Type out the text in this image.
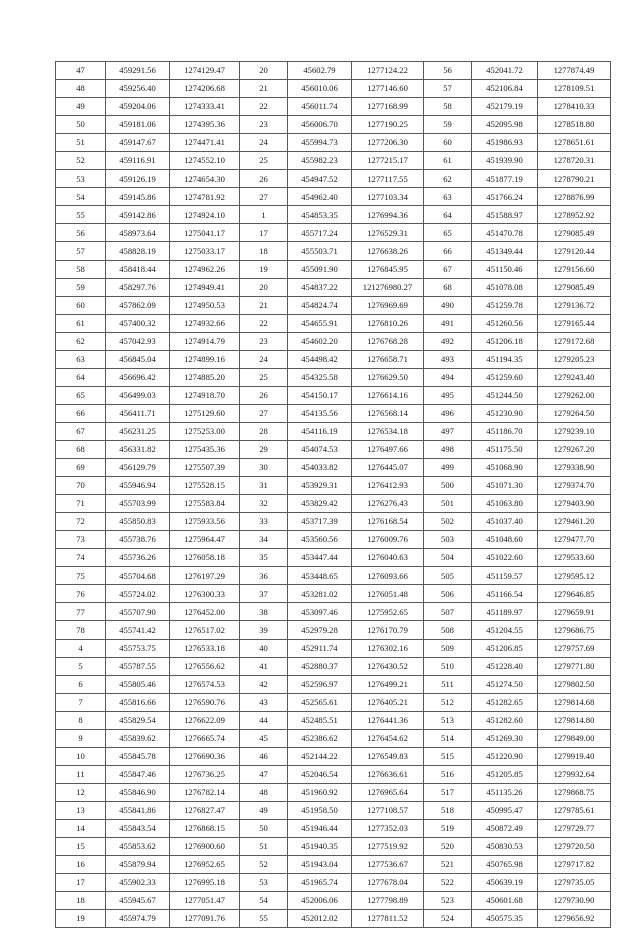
47	459291.56	1274129.47	20	45602.79	1277124.22	56	452041.72	1277874.49
48	459256.40	1274206.68	21	456010.06	1277146.60	57	452106.84	1278109.51
49	459204.06	1274333.41	22	456011.74	1277168.99	58	452179.19	1278410.33
50	459181.06	1274395.36	23	456006.70	1277190.25	59	452095.98	1278518.80
51	459147.67	1274471.41	24	455994.73	1277206.30	60	451986.93	1278651.61
52	459116.91	1274552.10	25	455982.23	1277215.17	61	451939.90	1278720.31
53	459126.19	1274654.30	26	454947.52	1277117.55	62	451877.19	1278790.21
54	459145.86	1274781.92	27	454962.40	1277103.34	63	451766.24	1278876.99
55	459142.86	1274924.10	1	454853.35	1276994.36	64	451588.97	1278952.92
56	458973.64	1275041.17	17	455717.24	1276529.31	65	451470.78	1279085.49
57	458828.19	1275033.17	18	455503.71	1276638.26	66	451349.44	1279120.44
58	458418.44	1274962.26	19	455091.90	1276845.95	67	451150.46	1279156.60
59	458297.76	1274949.41	20	454837.22	121276980.27	68	451078.08	1279085.49
60	457862.09	1274950.53	21	454824.74	1276969.69	490	451259.78	1279136.72
61	457400.32	1274932.66	22	454655.91	1276810.26	491	451260.56	1279165.44
62	457042.93	1274914.79	23	454602.20	1276768.28	492	451206.18	1279172.68
63	456845.04	1274899.16	24	454498.42	1276658.71	493	451194.35	1279205.23
64	456696.42	1274885.20	25	454325.58	1276629.50	494	451259.60	1279243.40
65	456499.03	1274918.70	26	454150.17	1276614.16	495	451244.50	1279262.00
66	456411.71	1275129.60	27	454135.56	1276568.14	496	451230.90	1279264.50
67	456231.25	1275253.00	28	454116.19	1276534.18	497	451186.70	1279239.10
68	456331.82	1275435.36	29	454074.53	1276497.66	498	451175.50	1279267.20
69	456129.79	1275507.39	30	454033.82	1276445.07	499	451068.90	1279338.90
70	455946.94	1275528.15	31	453929.31	1276412.93	500	451071.30	1279374.70
71	455703.99	1275583.84	32	453829.42	1276276.43	501	451063.80	1279403.90
72	455850.83	1275933.56	33	453717.39	1276168.54	502	451037.40	1279461.20
73	455738.76	1275964.47	34	453560.56	1276009.76	503	451048.60	1279477.70
74	455736.26	1276058.18	35	453447.44	1276040.63	504	451022.60	1279533.60
75	455704.68	1276197.29	36	453448.65	1276093.66	505	451159.57	1279595.12
76	455724.02	1276300.33	37	453281.02	1276051.48	506	451166.54	1279646.85
77	455707.90	1276452.00	38	453097.46	1275952.65	507	451189.97	1279659.91
78	455741.42	1276517.02	39	452979.28	1276170.79	508	451204.55	1279686.75
4	455753.75	1276533.18	40	452911.74	1276302.16	509	451206.85	1279757.69
5	455787.55	1276556.62	41	452880.37	1276430.52	510	451228.40	1279771.80
6	455805.46	1276574.53	42	452596.97	1276499.21	511	451274.50	1279802.50
7	455816.66	1276590.76	43	452565.61	1276405.21	512	451282.65	1279814.68
8	455829.54	1276622.09	44	452485.51	1276441.36	513	451282.60	1279814.80
9	455839.62	1276665.74	45	452386.62	1276454.62	514	451269.30	1279849.00
10	455845.78	1276690.36	46	452144.22	1276549.83	515	451220.90	1279919.40
11	455847.46	1276736.25	47	452046.54	1276636.61	516	451205.85	1279932.64
12	455846.90	1276782.14	48	451960.92	1276965.64	517	451135.26	1279868.75
13	455841.86	1276827.47	49	451958.50	1277108.57	518	450995.47	1279785.61
14	455843.54	1276868.15	50	451946.44	1277352.03	519	450872.49	1279729.77
15	455853.62	1276900.60	51	451940.35	1277519.92	520	450830.53	1279720.50
16	455879.94	1276952.65	52	451943.04	1277536.67	521	450765.98	1279717.82
17	455902.33	1276995.18	53	451965.74	1277678.04	522	450639.19	1279735.05
18	455945.67	1277051.47	54	452006.06	1277798.89	523	450601.68	1279730.90
19	455974.79	1277091.76	55	452012.02	1277811.52	524	450575.35	1279656.92
